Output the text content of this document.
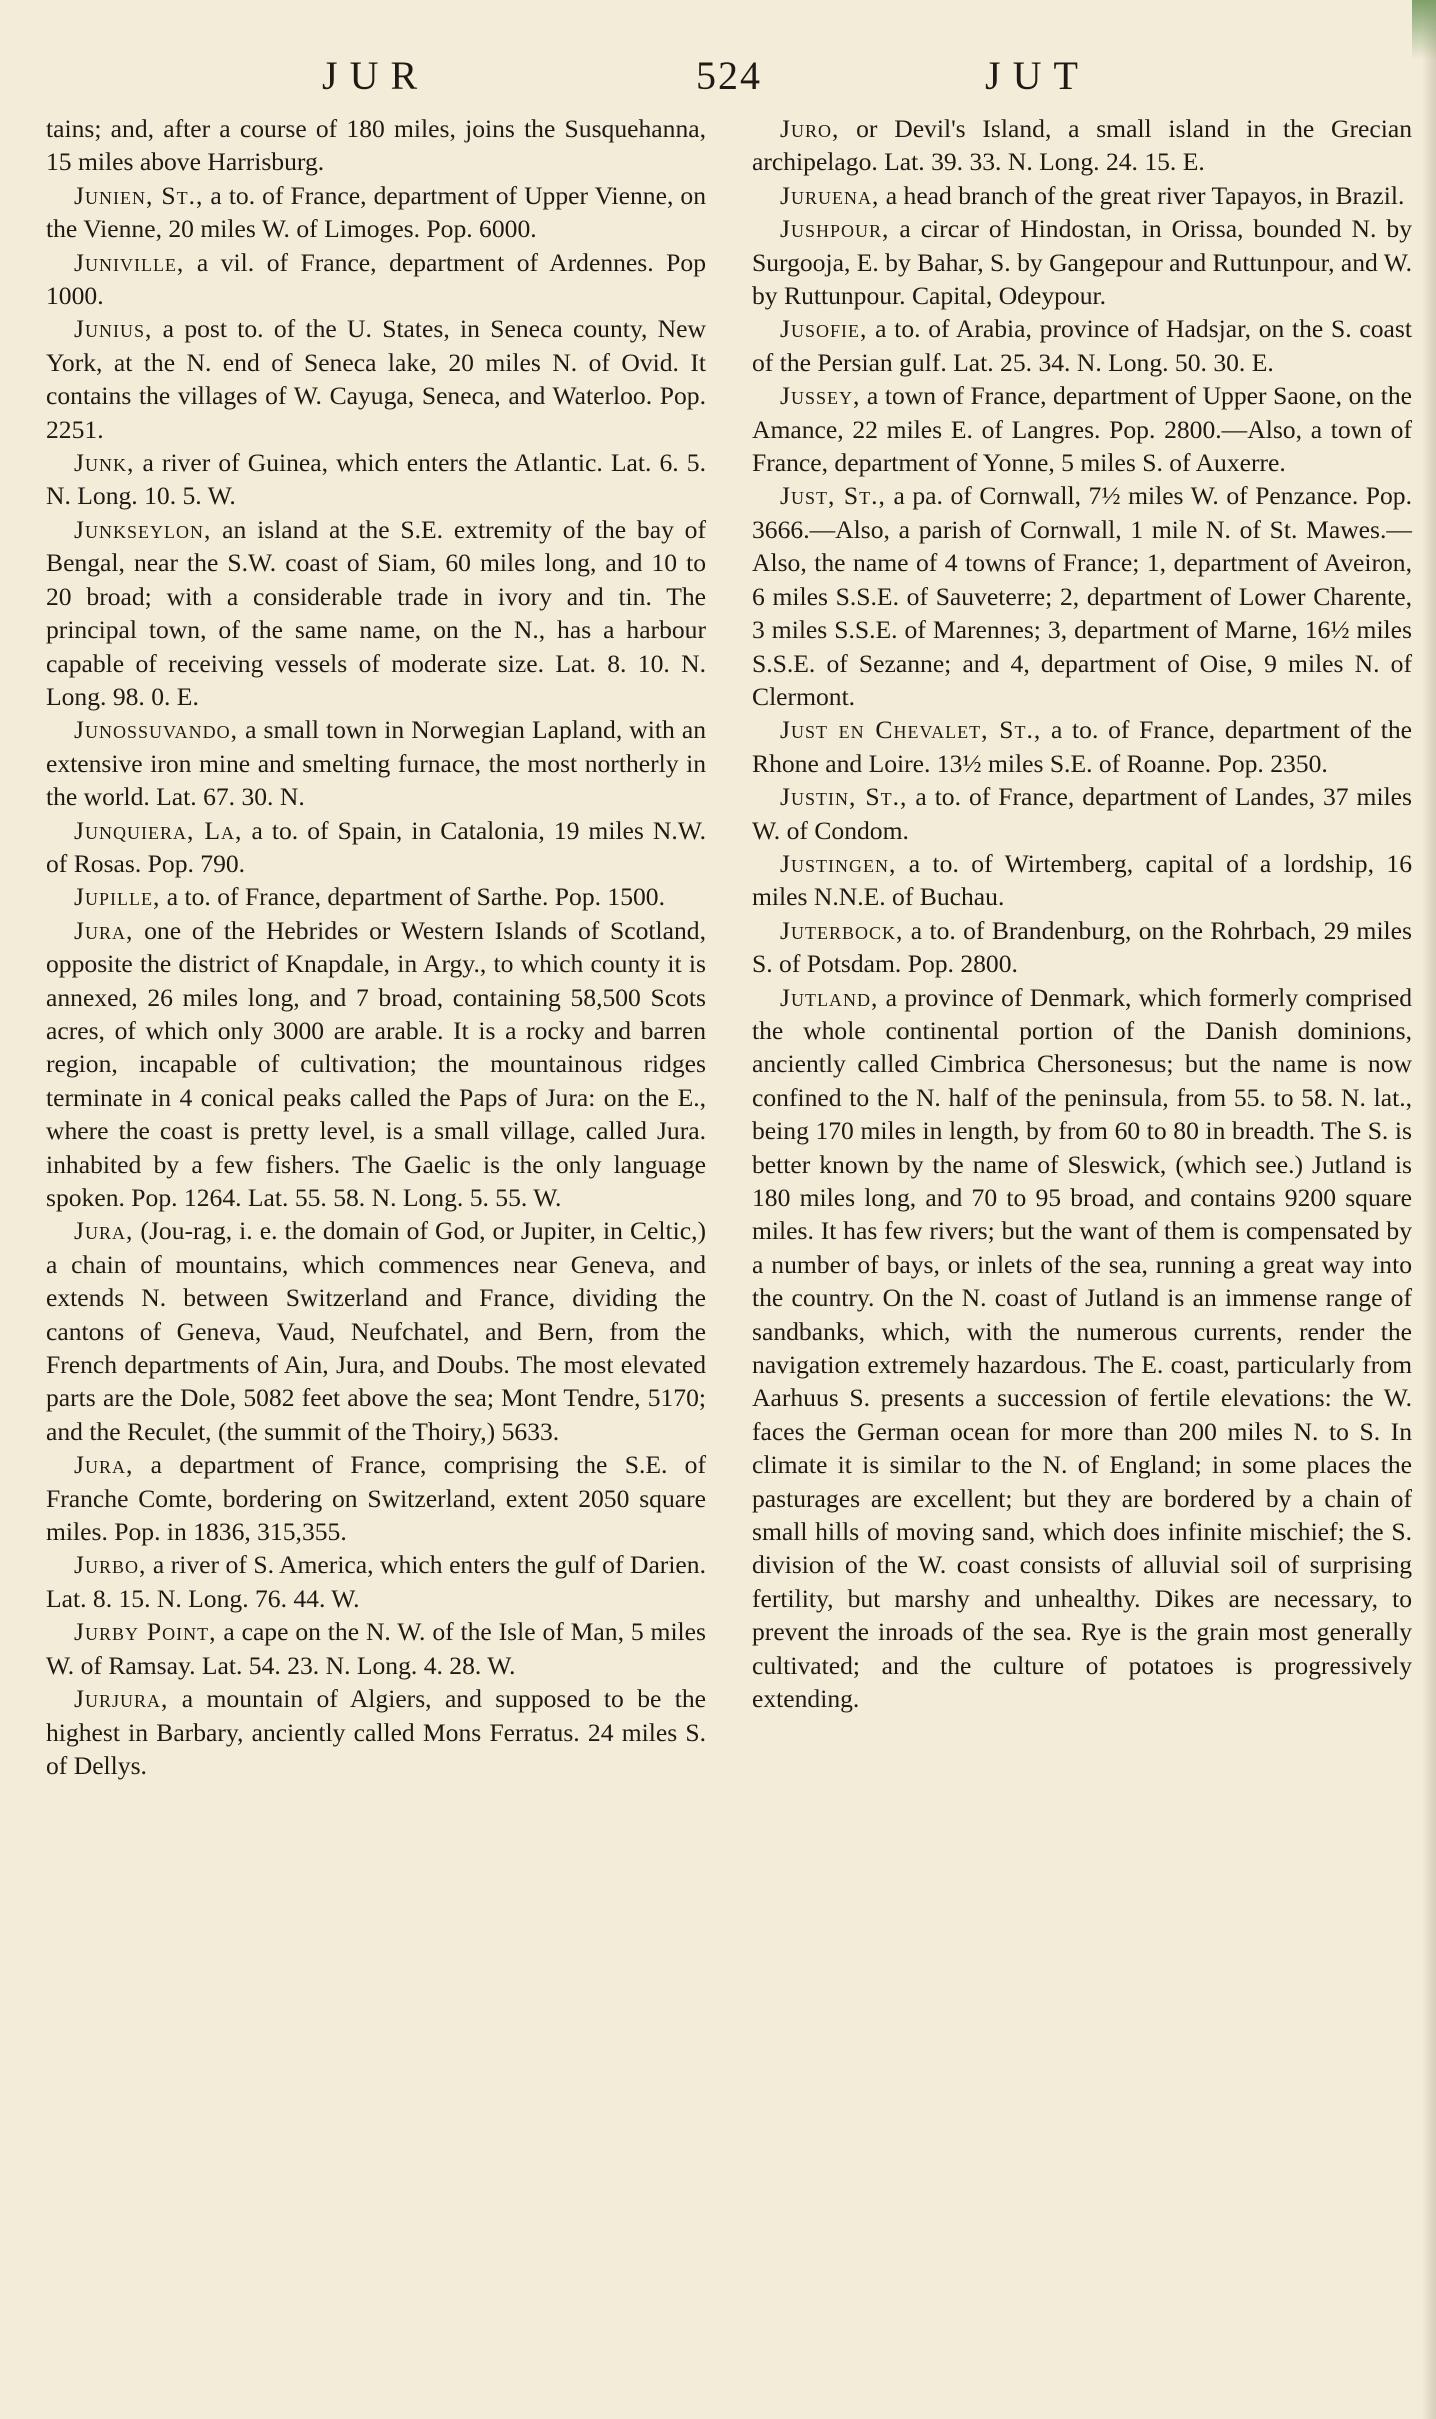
JUR	524	JUT

tains; and, after a course of 180 miles, joins the Susquehanna, 15 miles above Harrisburg.

Junien, St., a to. of France, department of Upper Vienne, on the Vienne, 20 miles W. of Limoges. Pop. 6000.

Juniville, a vil. of France, department of Ardennes. Pop 1000.

Junius, a post to. of the U. States, in Seneca county, New York, at the N. end of Seneca lake, 20 miles N. of Ovid. It contains the villages of W. Cayuga, Seneca, and Waterloo. Pop. 2251.

Junk, a river of Guinea, which enters the Atlantic. Lat. 6. 5. N. Long. 10. 5. W.

Junkseylon, an island at the S.E. extremity of the bay of Bengal, near the S.W. coast of Siam, 60 miles long, and 10 to 20 broad; with a considerable trade in ivory and tin. The principal town, of the same name, on the N., has a harbour capable of receiving vessels of moderate size. Lat. 8. 10. N. Long. 98. 0. E.

Junossuvando, a small town in Norwegian Lapland, with an extensive iron mine and smelting furnace, the most northerly in the world. Lat. 67. 30. N.

Junquiera, La, a to. of Spain, in Catalonia, 19 miles N.W. of Rosas. Pop. 790.

Jupille, a to. of France, department of Sarthe. Pop. 1500.

Jura, one of the Hebrides or Western Islands of Scotland, opposite the district of Knapdale, in Argy., to which county it is annexed, 26 miles long, and 7 broad, containing 58,500 Scots acres, of which only 3000 are arable. It is a rocky and barren region, incapable of cultivation; the mountainous ridges terminate in 4 conical peaks called the Paps of Jura: on the E., where the coast is pretty level, is a small village, called Jura. inhabited by a few fishers. The Gaelic is the only language spoken. Pop. 1264. Lat. 55. 58. N. Long. 5. 55. W.

Jura, (Jou-rag, i. e. the domain of God, or Jupiter, in Celtic,) a chain of mountains, which commences near Geneva, and extends N. between Switzerland and France, dividing the cantons of Geneva, Vaud, Neufchatel, and Bern, from the French departments of Ain, Jura, and Doubs. The most elevated parts are the Dole, 5082 feet above the sea; Mont Tendre, 5170; and the Reculet, (the summit of the Thoiry,) 5633.

Jura, a department of France, comprising the S.E. of Franche Comte, bordering on Switzerland, extent 2050 square miles. Pop. in 1836, 315,355.

Jurbo, a river of S. America, which enters the gulf of Darien. Lat. 8. 15. N. Long. 76. 44. W.

Jurby Point, a cape on the N. W. of the Isle of Man, 5 miles W. of Ramsay. Lat. 54. 23. N. Long. 4. 28. W.

Jurjura, a mountain of Algiers, and supposed to be the highest in Barbary, anciently called Mons Ferratus. 24 miles S. of Dellys.

Juro, or Devil's Island, a small island in the Grecian archipelago. Lat. 39. 33. N. Long. 24. 15. E.

Juruena, a head branch of the great river Tapayos, in Brazil.

Jushpour, a circar of Hindostan, in Orissa, bounded N. by Surgooja, E. by Bahar, S. by Gangepour and Ruttunpour, and W. by Ruttunpour. Capital, Odeypour.

Jusofie, a to. of Arabia, province of Hadsjar, on the S. coast of the Persian gulf. Lat. 25. 34. N. Long. 50. 30. E.

Jussey, a town of France, department of Upper Saone, on the Amance, 22 miles E. of Langres. Pop. 2800.—Also, a town of France, department of Yonne, 5 miles S. of Auxerre.

Just, St., a pa. of Cornwall, 7½ miles W. of Penzance. Pop. 3666.—Also, a parish of Cornwall, 1 mile N. of St. Mawes.—Also, the name of 4 towns of France; 1, department of Aveiron, 6 miles S.S.E. of Sauveterre; 2, department of Lower Charente, 3 miles S.S.E. of Marennes; 3, department of Marne, 16½ miles S.S.E. of Sezanne; and 4, department of Oise, 9 miles N. of Clermont.

Just en Chevalet, St., a to. of France, department of the Rhone and Loire. 13½ miles S.E. of Roanne. Pop. 2350.

Justin, St., a to. of France, department of Landes, 37 miles W. of Condom.

Justingen, a to. of Wirtemberg, capital of a lordship, 16 miles N.N.E. of Buchau.

Juterbock, a to. of Brandenburg, on the Rohrbach, 29 miles S. of Potsdam. Pop. 2800.

Jutland, a province of Denmark, which formerly comprised the whole continental portion of the Danish dominions, anciently called Cimbrica Chersonesus; but the name is now confined to the N. half of the peninsula, from 55. to 58. N. lat., being 170 miles in length, by from 60 to 80 in breadth. The S. is better known by the name of Sleswick, (which see.) Jutland is 180 miles long, and 70 to 95 broad, and contains 9200 square miles. It has few rivers; but the want of them is compensated by a number of bays, or inlets of the sea, running a great way into the country. On the N. coast of Jutland is an immense range of sandbanks, which, with the numerous currents, render the navigation extremely hazardous. The E. coast, particularly from Aarhuus S. presents a succession of fertile elevations: the W. faces the German ocean for more than 200 miles N. to S. In climate it is similar to the N. of England; in some places the pasturages are excellent; but they are bordered by a chain of small hills of moving sand, which does infinite mischief; the S. division of the W. coast consists of alluvial soil of surprising fertility, but marshy and unhealthy. Dikes are necessary, to prevent the inroads of the sea. Rye is the grain most generally cultivated; and the culture of potatoes is progressively extending.
